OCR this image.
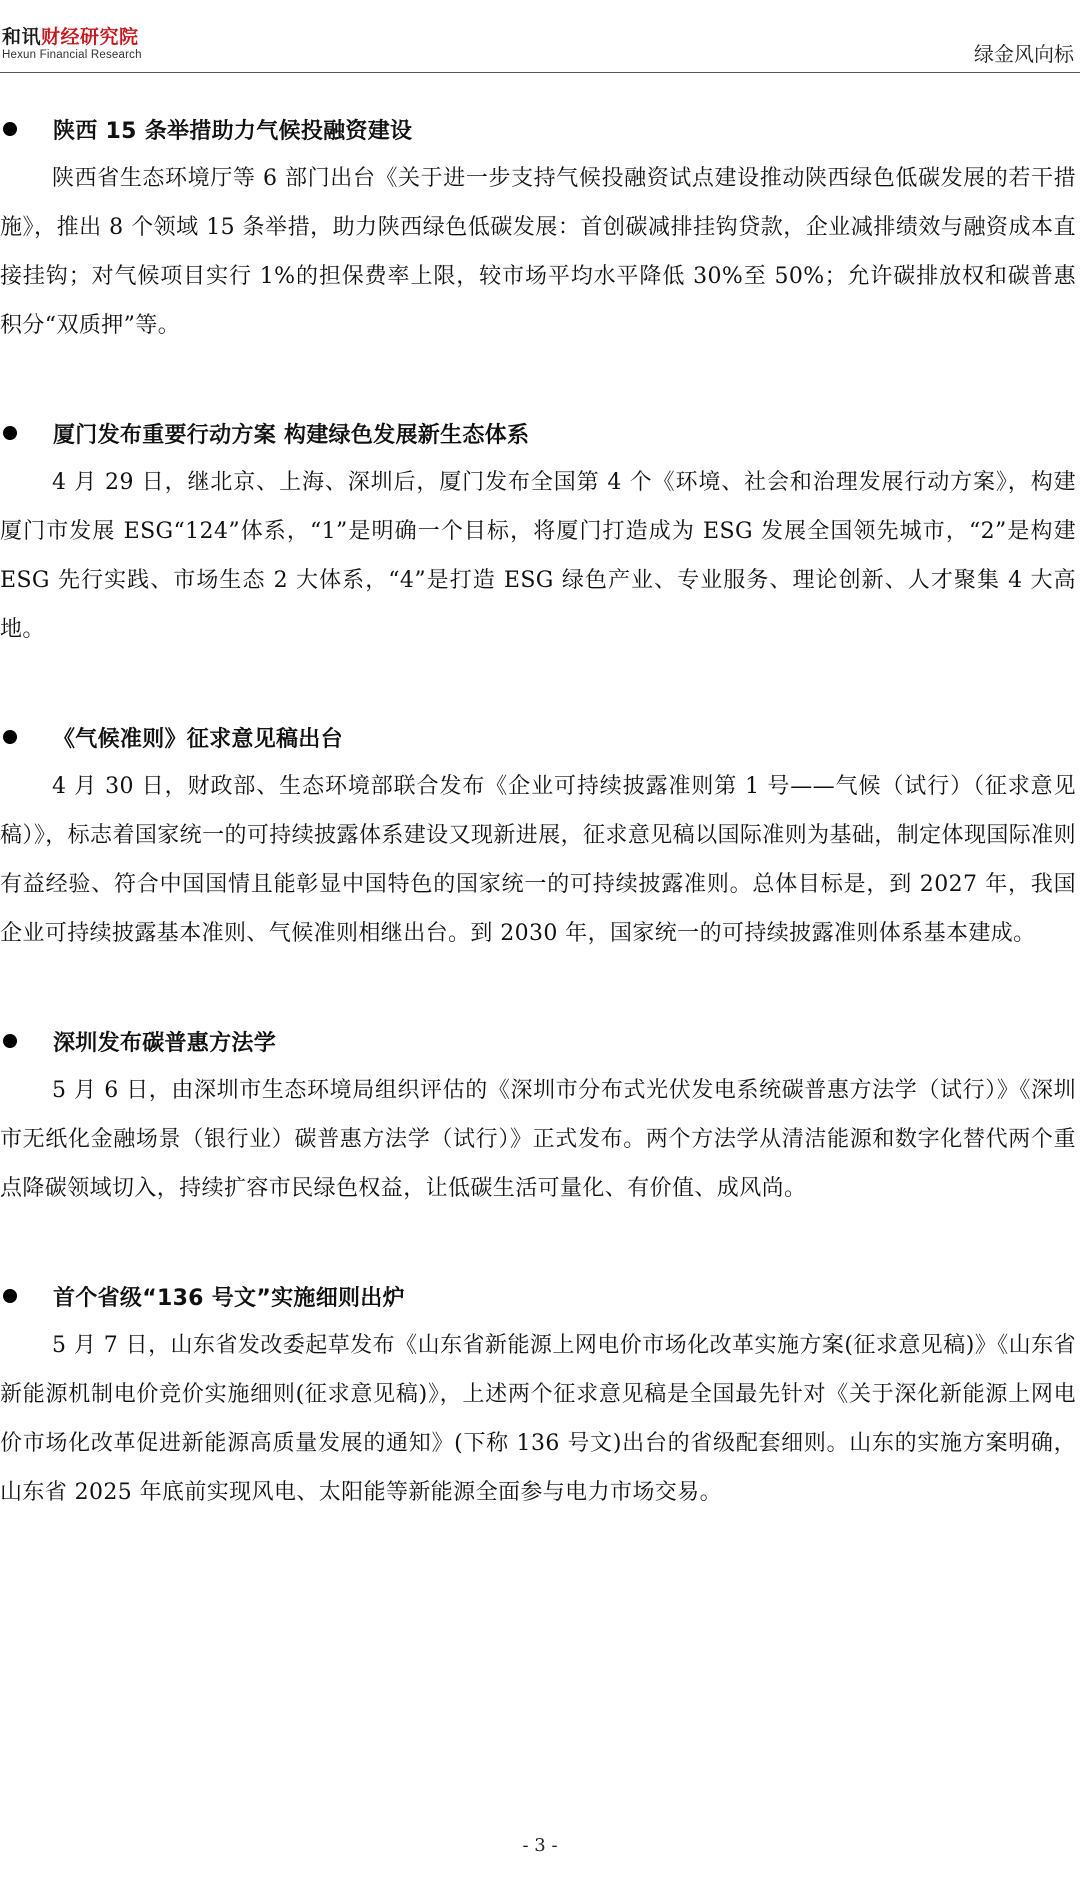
和讯财经研究院
Hexun Financial Research	绿金风向标
陕西 15 条举措助力气候投融资建设

陕西省生态环境厅等 6 部门出台《关于进一步支持气候投融资试点建设推动陕西绿色低碳发展的若干措施》，推出 8 个领域 15 条举措，助力陕西绿色低碳发展：首创碳减排挂钩贷款，企业减排绩效与融资成本直接挂钩；对气候项目实行 1%的担保费率上限，较市场平均水平降低 30%至 50%；允许碳排放权和碳普惠积分“双质押”等。

厦门发布重要行动方案 构建绿色发展新生态体系

4 月 29 日，继北京、上海、深圳后，厦门发布全国第 4 个《环境、社会和治理发展行动方案》，构建厦门市发展 ESG“124”体系，“1”是明确一个目标，将厦门打造成为 ESG 发展全国领先城市，“2”是构建 ESG 先行实践、市场生态 2 大体系，“4”是打造 ESG 绿色产业、专业服务、理论创新、人才聚集 4 大高地。

《气候准则》征求意见稿出台

4 月 30 日，财政部、生态环境部联合发布《企业可持续披露准则第 1 号——气候（试行）（征求意见稿）》，标志着国家统一的可持续披露体系建设又现新进展，征求意见稿以国际准则为基础，制定体现国际准则有益经验、符合中国国情且能彰显中国特色的国家统一的可持续披露准则。总体目标是，到 2027 年，我国企业可持续披露基本准则、气候准则相继出台。到 2030 年，国家统一的可持续披露准则体系基本建成。

深圳发布碳普惠方法学

5 月 6 日，由深圳市生态环境局组织评估的《深圳市分布式光伏发电系统碳普惠方法学（试行）》《深圳市无纸化金融场景（银行业）碳普惠方法学（试行）》正式发布。两个方法学从清洁能源和数字化替代两个重点降碳领域切入，持续扩容市民绿色权益，让低碳生活可量化、有价值、成风尚。

首个省级“136 号文”实施细则出炉

5 月 7 日，山东省发改委起草发布《山东省新能源上网电价市场化改革实施方案(征求意见稿)》《山东省新能源机制电价竞价实施细则(征求意见稿)》，上述两个征求意见稿是全国最先针对《关于深化新能源上网电价市场化改革促进新能源高质量发展的通知》(下称 136 号文)出台的省级配套细则。山东的实施方案明确，山东省 2025 年底前实现风电、太阳能等新能源全面参与电力市场交易。

- 3 -
